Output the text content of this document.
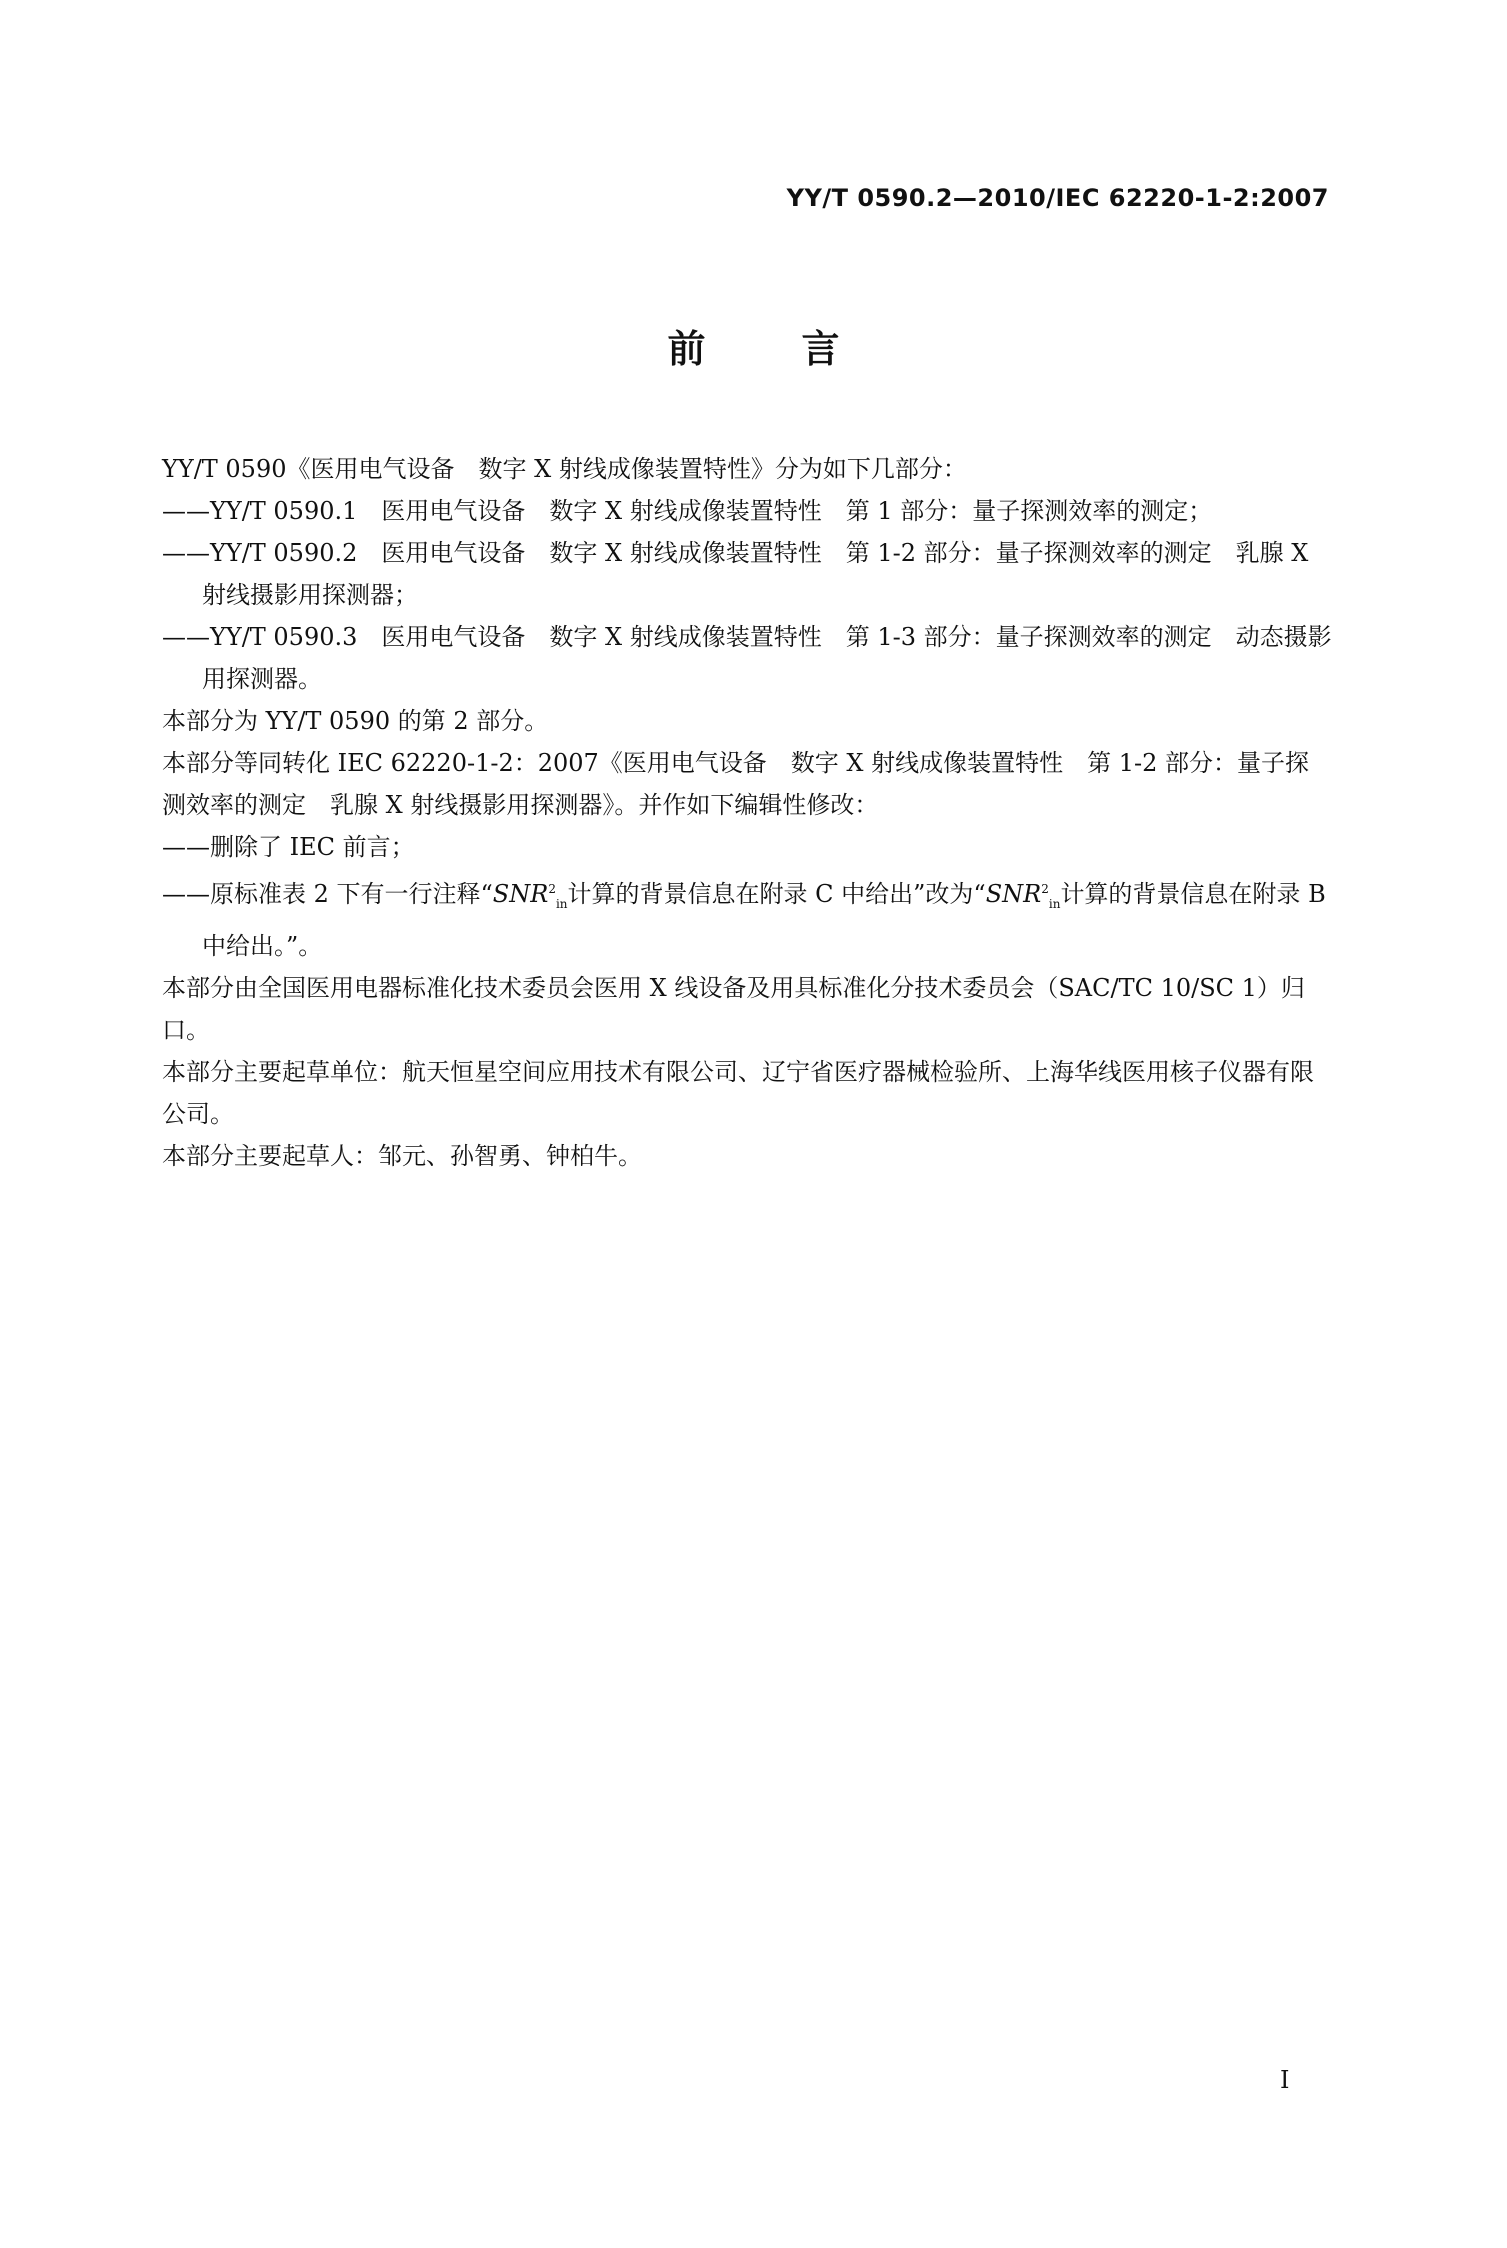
YY/T 0590.2—2010/IEC 62220-1-2:2007
前	言
YY/T 0590《医用电气设备　数字 X 射线成像装置特性》分为如下几部分：
——YY/T 0590.1　医用电气设备　数字 X 射线成像装置特性　第 1 部分：量子探测效率的测定；
——YY/T 0590.2　医用电气设备　数字 X 射线成像装置特性　第 1-2 部分：量子探测效率的测定　乳腺 X 射线摄影用探测器；
——YY/T 0590.3　医用电气设备　数字 X 射线成像装置特性　第 1-3 部分：量子探测效率的测定　动态摄影用探测器。
本部分为 YY/T 0590 的第 2 部分。
本部分等同转化 IEC 62220-1-2：2007《医用电气设备　数字 X 射线成像装置特性　第 1-2 部分：量子探测效率的测定　乳腺 X 射线摄影用探测器》。并作如下编辑性修改：
——删除了 IEC 前言；
——原标准表 2 下有一行注释“$SNR^2_{in}$计算的背景信息在附录 C 中给出”改为“$SNR^2_{in}$计算的背景信息在附录 B 中给出。”。
本部分由全国医用电器标准化技术委员会医用 X 线设备及用具标准化分技术委员会（SAC/TC 10/SC 1）归口。
本部分主要起草单位：航天恒星空间应用技术有限公司、辽宁省医疗器械检验所、上海华线医用核子仪器有限公司。
本部分主要起草人：邹元、孙智勇、钟柏牛。
I
